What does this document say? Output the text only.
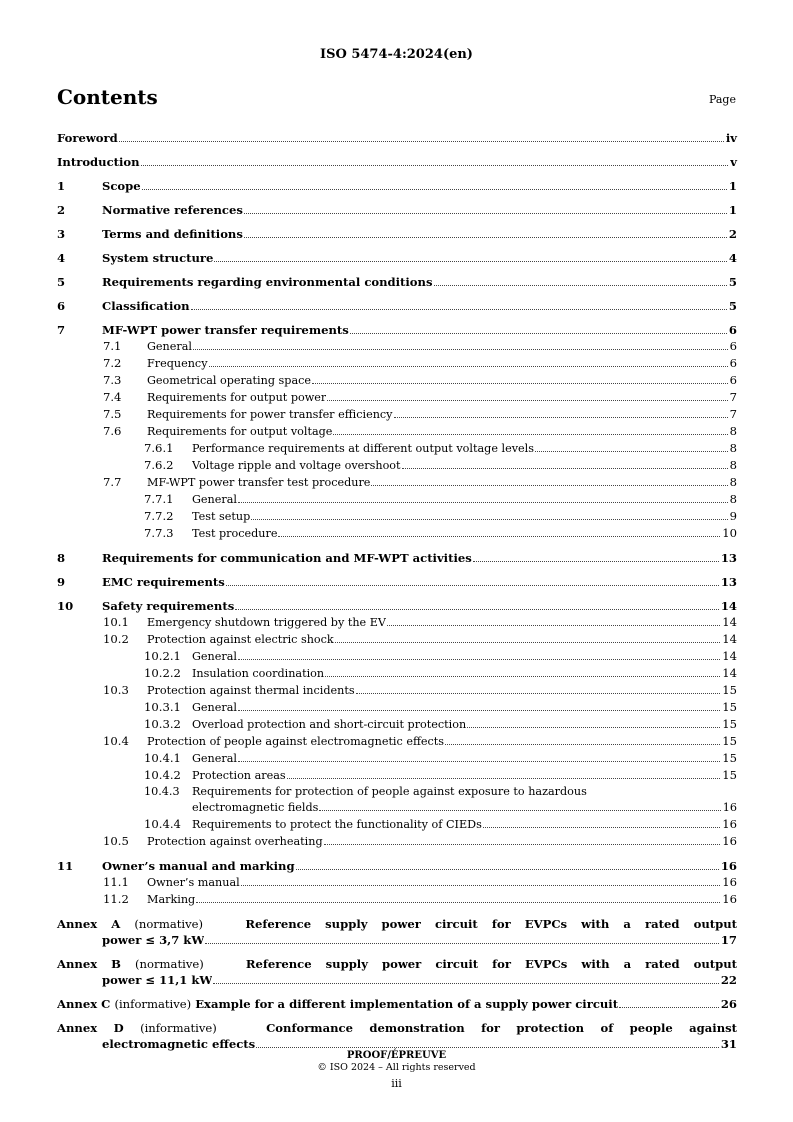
ISO 5474-4:2024(en)
Contents	Page
Foreword	iv
Introduction	v
1	Scope	1
2	Normative references	1
3	Terms and definitions	2
4	System structure	4
5	Requirements regarding environmental conditions	5
6	Classification	5
7	MF-WPT power transfer requirements	6
7.1	General	6
7.2	Frequency	6
7.3	Geometrical operating space	6
7.4	Requirements for output power	7
7.5	Requirements for power transfer efficiency	7
7.6	Requirements for output voltage	8
7.6.1	Performance requirements at different output voltage levels	8
7.6.2	Voltage ripple and voltage overshoot	8
7.7	MF-WPT power transfer test procedure	8
7.7.1	General	8
7.7.2	Test setup	9
7.7.3	Test procedure	10
8	Requirements for communication and MF-WPT activities	13
9	EMC requirements	13
10	Safety requirements	14
10.1	Emergency shutdown triggered by the EV	14
10.2	Protection against electric shock	14
10.2.1 General	14
10.2.2 Insulation coordination	14
10.3	Protection against thermal incidents	15
10.3.1 General	15
10.3.2 Overload protection and short-circuit protection	15
10.4	Protection of people against electromagnetic effects	15
10.4.1 General	15
10.4.2 Protection areas	15
10.4.3 Requirements for protection of people against exposure to hazardous
electromagnetic fields	16
10.4.4 Requirements to protect the functionality of CIEDs	16
10.5	Protection against overheating	16
11	Owner’s manual and marking	16
11.1	Owner’s manual	16
11.2	Marking	16
Annex A (normative)	Reference supply power circuit for EVPCs with a rated output
power ≤ 3,7 kW	17
Annex B (normative)	Reference supply power circuit for EVPCs with a rated output
power ≤ 11,1 kW	22
Annex C (informative) Example for a different implementation of a supply power circuit	26
Annex D (informative)	Conformance demonstration for protection of people against
electromagnetic effects	31
PROOF/ÉPREUVE
© ISO 2024 – All rights reserved
iii
